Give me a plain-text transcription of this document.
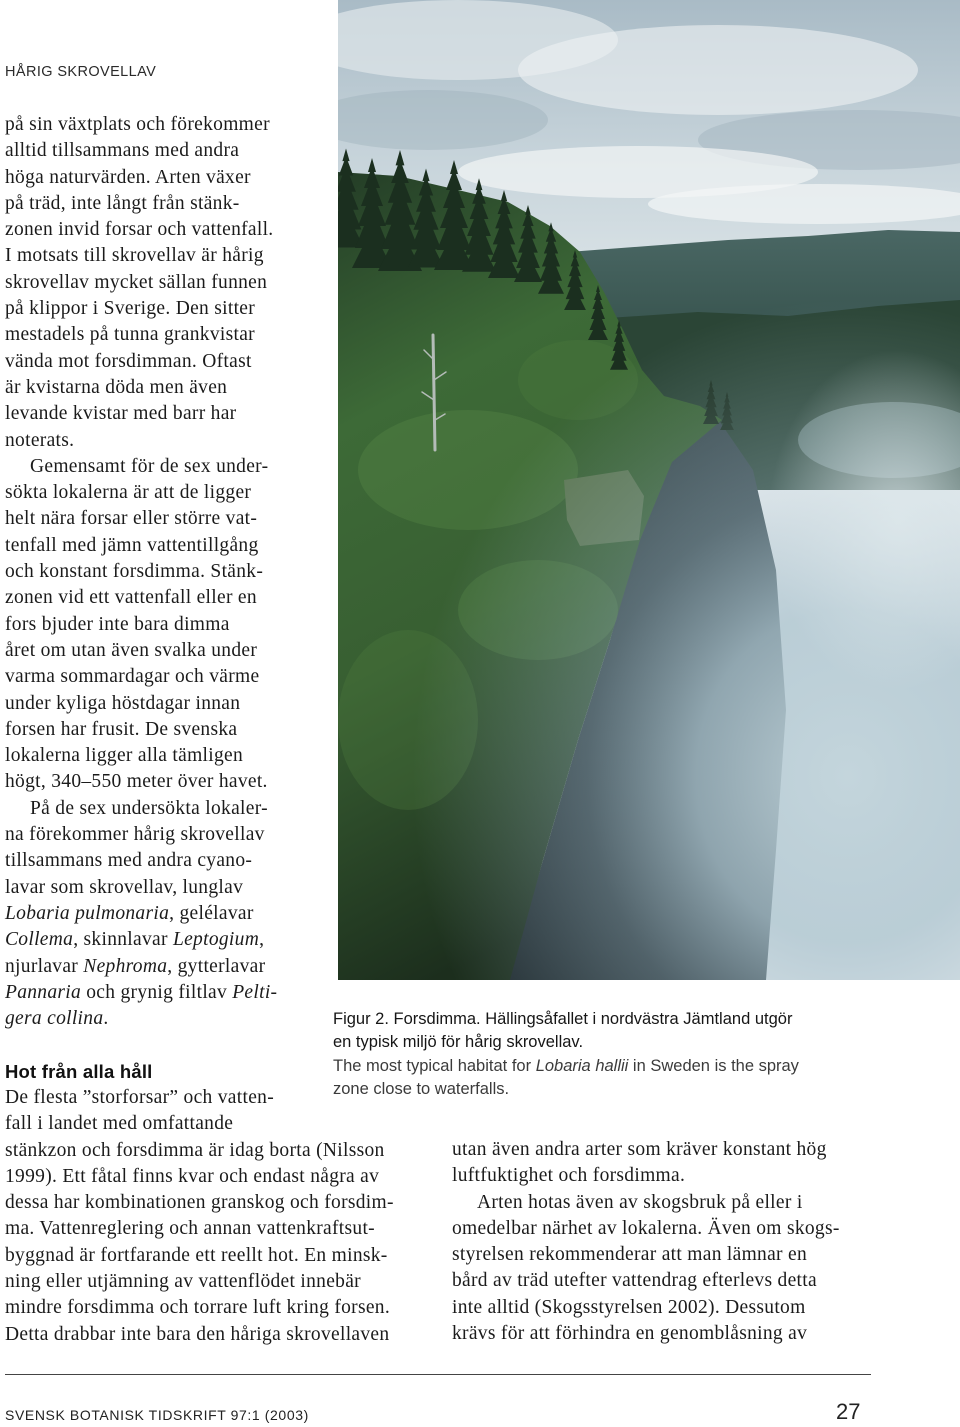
HÅRIG SKROVELLAV
på sin växtplats och förekommer
alltid tillsammans med andra
höga naturvärden. Arten växer
på träd, inte långt från stänk-
zonen invid forsar och vattenfall.
I motsats till skrovellav är hårig
skrovellav mycket sällan funnen
på klippor i Sverige. Den sitter
mestadels på tunna grankvistar
vända mot forsdimman. Oftast
är kvistarna döda men även
levande kvistar med barr har
noterats.
Gemensamt för de sex under-
sökta lokalerna är att de ligger
helt nära forsar eller större vat-
tenfall med jämn vattentillgång
och konstant forsdimma. Stänk-
zonen vid ett vattenfall eller en
fors bjuder inte bara dimma
året om utan även svalka under
varma sommardagar och värme
under kyliga höstdagar innan
forsen har frusit. De svenska
lokalerna ligger alla tämligen
högt, 340–550 meter över havet.
På de sex undersökta lokaler-
na förekommer hårig skrovellav
tillsammans med andra cyano-
lavar som skrovellav, lunglav
Lobaria pulmonaria, gelélavar
Collema, skinnlavar Leptogium,
njurlavar Nephroma, gytterlavar
Pannaria och grynig filtlav Pelti-
gera collina.
Hot från alla håll
De flesta ”storforsar” och vatten-
fall i landet med omfattande
stänkzon och forsdimma är idag borta (Nilsson
1999). Ett fåtal finns kvar och endast några av
dessa har kombinationen granskog och forsdim-
ma. Vattenreglering och annan vattenkraftsut-
byggnad är fortfarande ett reellt hot. En minsk-
ning eller utjämning av vattenflödet innebär
mindre forsdimma och torrare luft kring forsen.
Detta drabbar inte bara den håriga skrovellaven
utan även andra arter som kräver konstant hög
luftfuktighet och forsdimma.
Arten hotas även av skogsbruk på eller i
omedelbar närhet av lokalerna. Även om skogs-
styrelsen rekommenderar att man lämnar en
bård av träd utefter vattendrag efterlevs detta
inte alltid (Skogsstyrelsen 2002). Dessutom
krävs för att förhindra en genomblåsning av
Figur 2. Forsdimma. Hällingsåfallet i nordvästra Jämtland utgör
en typisk miljö för hårig skrovellav.
The most typical habitat for Lobaria hallii in Sweden is the spray
zone close to waterfalls.
SVENSK BOTANISK TIDSKRIFT 97:1 (2003)	27
